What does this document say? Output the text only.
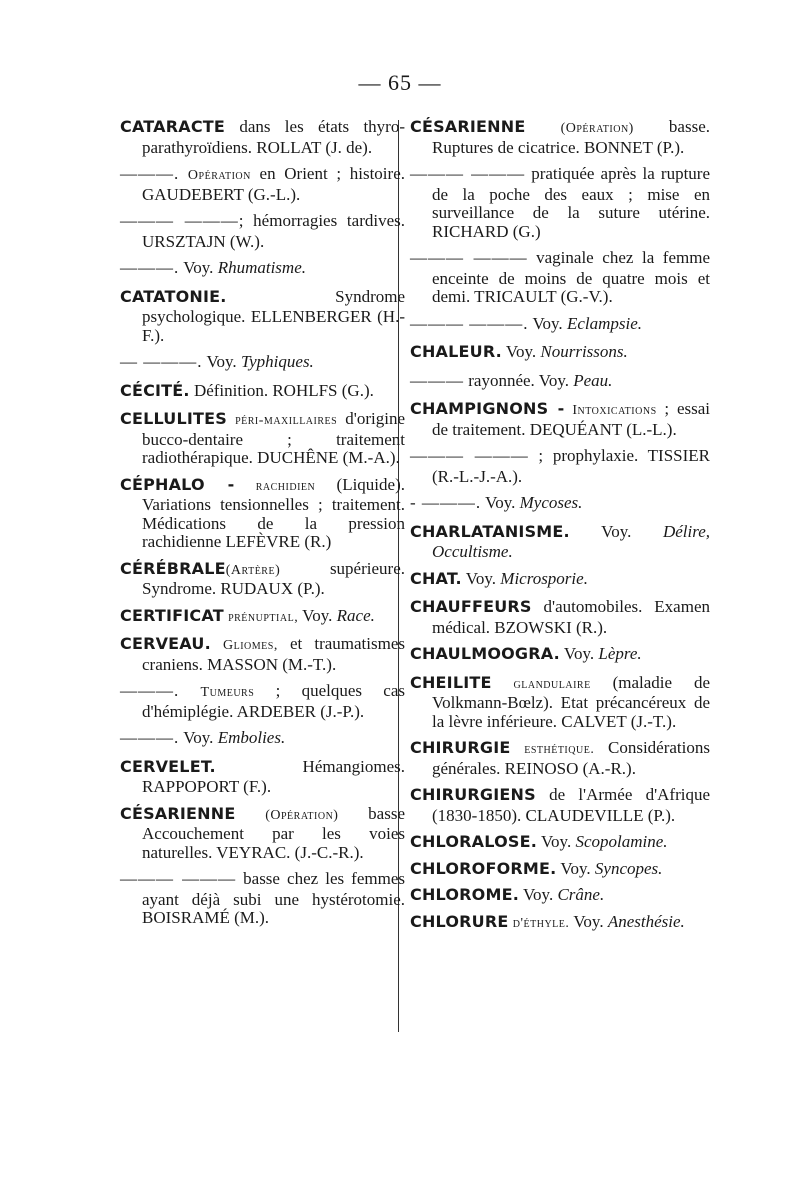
— 65 —

CATARACTE dans les états thyro-parathyroïdiens. ROLLAT (J. de).

———. Opération en Orient ; histoire. GAUDEBERT (G.-L.).

——— ———; hémorragies tardives. URSZTAJN (W.).

———. Voy. Rhumatisme.

CATATONIE. Syndrome psychologique. ELLENBERGER (H.-F.).

— ———. Voy. Typhiques.

CÉCITÉ. Définition. ROHLFS (G.).

CELLULITES péri-maxillaires d'origine bucco-dentaire ; traitement radiothérapique. DUCHÊNE (M.-A.).

CÉPHALO - rachidien (Liquide). Variations tensionnelles ; traitement. Médications de la pression rachidienne LEFÈVRE (R.)

CÉRÉBRALE(Artère) supérieure. Syndrome. RUDAUX (P.).

CERTIFICAT prénuptial, Voy. Race.

CERVEAU. Gliomes, et traumatismes craniens. MASSON (M.-T.).

———. Tumeurs ; quelques cas d'hémiplégie. ARDEBER (J.-P.).

———. Voy. Embolies.

CERVELET. Hémangiomes. RAPPOPORT (F.).

CÉSARIENNE (Opération) basse Accouchement par les voies naturelles. VEYRAC. (J.-C.-R.).

——— ——— basse chez les femmes ayant déjà subi une hystérotomie. BOISRAMÉ (M.).

CÉSARIENNE	(Opération) basse. Ruptures de cicatrice. BONNET (P.).

——— ——— pratiquée après la rupture de la poche des eaux ; mise en surveillance de la suture utérine. RICHARD (G.)

——— ——— vaginale chez la femme enceinte de moins de quatre mois et demi. TRICAULT (G.-V.).

——— ———. Voy. Eclampsie.

CHALEUR. Voy. Nourrissons.

——— rayonnée. Voy. Peau.

CHAMPIGNONS - Intoxications ; essai de traitement. DEQUÉANT (L.-L.).

——— ——— ; prophylaxie. TISSIER (R.-L.-J.-A.).

- ———. Voy. Mycoses.

CHARLATANISME. Voy. Délire, Occultisme.

CHAT. Voy. Microsporie.

CHAUFFEURS d'automobiles. Examen médical. BZOWSKI (R.).

CHAULMOOGRA. Voy. Lèpre.

CHEILITE glandulaire (maladie de Volkmann-Bœlz). Etat précancéreux de la lèvre inférieure. CALVET (J.-T.).

CHIRURGIE esthétique. Considérations générales. REINOSO (A.-R.).

CHIRURGIENS de l'Armée d'Afrique (1830-1850). CLAUDEVILLE (P.).

CHLORALOSE. Voy. Scopolamine.

CHLOROFORME. Voy. Syncopes.

CHLOROME. Voy. Crâne.

CHLORURE d'éthyle. Voy. Anesthésie.
